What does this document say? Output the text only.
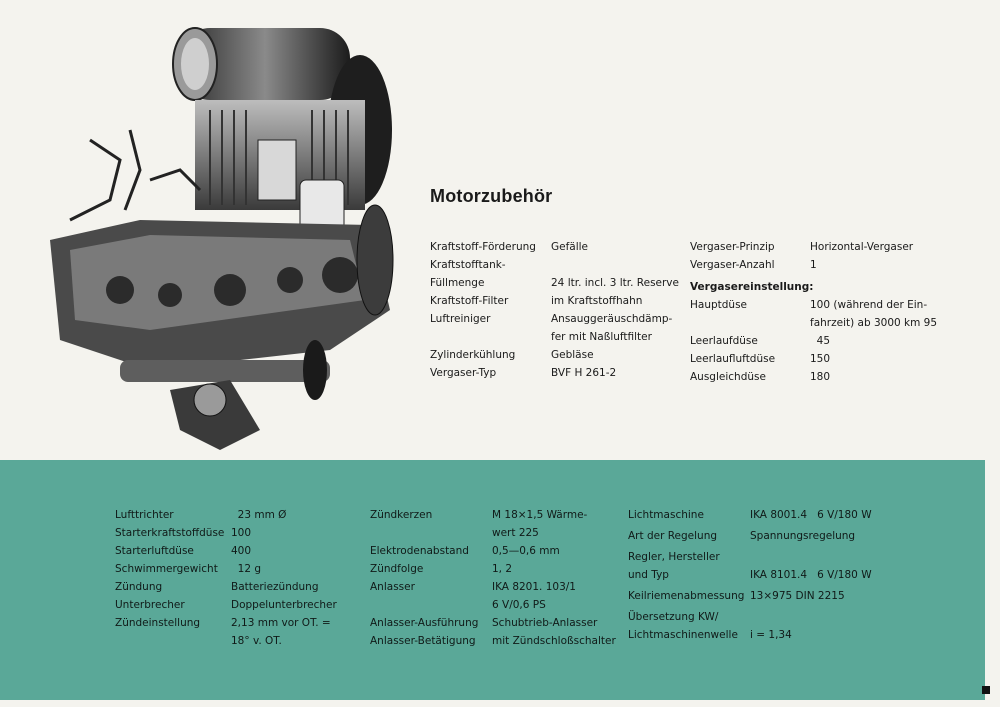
Motorzubehör
Kraftstoff-Förderung	Gefälle
Kraftstofftank-
Füllmenge	24 ltr. incl. 3 ltr. Reserve
Kraftstoff-Filter	im Kraftstoffhahn
Luftreiniger	Ansauggeräuschdämp-
fer mit Naßluftfilter
Zylinderkühlung	Gebläse
Vergaser-Typ	BVF H 261-2
Vergaser-Prinzip	Horizontal-Vergaser
Vergaser-Anzahl	1
Vergasereinstellung:
Hauptdüse	100 (während der Ein-
fahrzeit) ab 3000 km 95
Leerlaufdüse	45
Leerlaufluftdüse	150
Ausgleichdüse	180
Lufttrichter	23 mm Ø
Starterkraftstoffdüse 100
Starterluftdüse	400
Schwimmergewicht	12 g
Zündung	Batteriezündung
Unterbrecher	Doppelunterbrecher
Zündeinstellung	2,13 mm vor OT. =
18° v. OT.
Zündkerzen	M 18×1,5 Wärme-
wert 225
Elektrodenabstand	0,5—0,6 mm
Zündfolge	1, 2
Anlasser	IKA 8201. 103/1
6 V/0,6 PS
Anlasser-Ausführung	Schubtrieb-Anlasser
Anlasser-Betätigung	mit Zündschloßschalter
Lichtmaschine	IKA 8001.4   6 V/180 W
Art der Regelung	Spannungsregelung
Regler, Hersteller
und Typ	IKA 8101.4   6 V/180 W
Keilriemenabmessung 13×975 DIN 2215
Übersetzung KW/
Lichtmaschinenwelle	i = 1,34
